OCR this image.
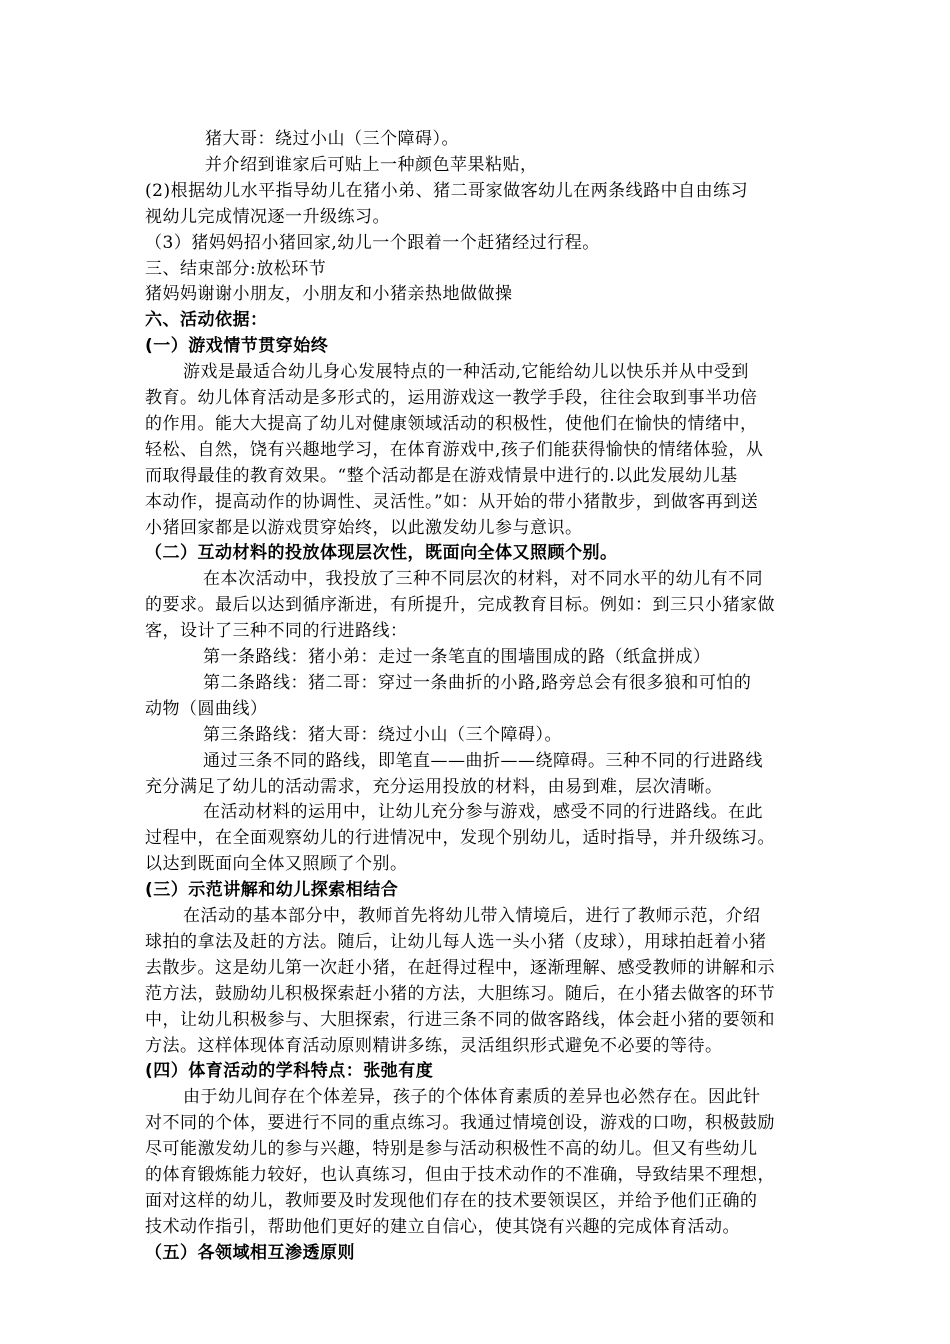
猪大哥：绕过小山（三个障碍）。
并介绍到谁家后可贴上一种颜色苹果粘贴，
(2)根据幼儿水平指导幼儿在猪小弟、猪二哥家做客幼儿在两条线路中自由练习
视幼儿完成情况逐一升级练习。
（3）猪妈妈招小猪回家,幼儿一个跟着一个赶猪经过行程。
三、结束部分:放松环节
猪妈妈谢谢小朋友，小朋友和小猪亲热地做做操
六、活动依据：
(一）游戏情节贯穿始终
游戏是最适合幼儿身心发展特点的一种活动,它能给幼儿以快乐并从中受到
教育。幼儿体育活动是多形式的，运用游戏这一教学手段，往往会取到事半功倍
的作用。能大大提高了幼儿对健康领域活动的积极性，使他们在愉快的情绪中，
轻松、自然，饶有兴趣地学习，在体育游戏中,孩子们能获得愉快的情绪体验，从
而取得最佳的教育效果。“整个活动都是在游戏情景中进行的.以此发展幼儿基
本动作，提高动作的协调性、灵活性。”如：从开始的带小猪散步，到做客再到送
小猪回家都是以游戏贯穿始终，以此激发幼儿参与意识。
（二）互动材料的投放体现层次性，既面向全体又照顾个别。
在本次活动中，我投放了三种不同层次的材料，对不同水平的幼儿有不同
的要求。最后以达到循序渐进，有所提升，完成教育目标。例如：到三只小猪家做
客，设计了三种不同的行进路线：
第一条路线：猪小弟：走过一条笔直的围墙围成的路（纸盒拼成）
第二条路线：猪二哥：穿过一条曲折的小路,路旁总会有很多狼和可怕的
动物（圆曲线）
第三条路线：猪大哥：绕过小山（三个障碍）。
通过三条不同的路线，即笔直——曲折——绕障碍。三种不同的行进路线
充分满足了幼儿的活动需求，充分运用投放的材料，由易到难，层次清晰。
在活动材料的运用中，让幼儿充分参与游戏，感受不同的行进路线。在此
过程中，在全面观察幼儿的行进情况中，发现个别幼儿，适时指导，并升级练习。
以达到既面向全体又照顾了个别。
(三）示范讲解和幼儿探索相结合
在活动的基本部分中，教师首先将幼儿带入情境后，进行了教师示范，介绍
球拍的拿法及赶的方法。随后，让幼儿每人选一头小猪（皮球），用球拍赶着小猪
去散步。这是幼儿第一次赶小猪，在赶得过程中，逐渐理解、感受教师的讲解和示
范方法，鼓励幼儿积极探索赶小猪的方法，大胆练习。随后，在小猪去做客的环节
中，让幼儿积极参与、大胆探索，行进三条不同的做客路线，体会赶小猪的要领和
方法。这样体现体育活动原则精讲多练，灵活组织形式避免不必要的等待。
(四）体育活动的学科特点：张弛有度
由于幼儿间存在个体差异，孩子的个体体育素质的差异也必然存在。因此针
对不同的个体，要进行不同的重点练习。我通过情境创设，游戏的口吻，积极鼓励
尽可能激发幼儿的参与兴趣，特别是参与活动积极性不高的幼儿。但又有些幼儿
的体育锻炼能力较好，也认真练习，但由于技术动作的不准确，导致结果不理想，
面对这样的幼儿，教师要及时发现他们存在的技术要领误区，并给予他们正确的
技术动作指引，帮助他们更好的建立自信心，使其饶有兴趣的完成体育活动。
（五）各领域相互渗透原则
